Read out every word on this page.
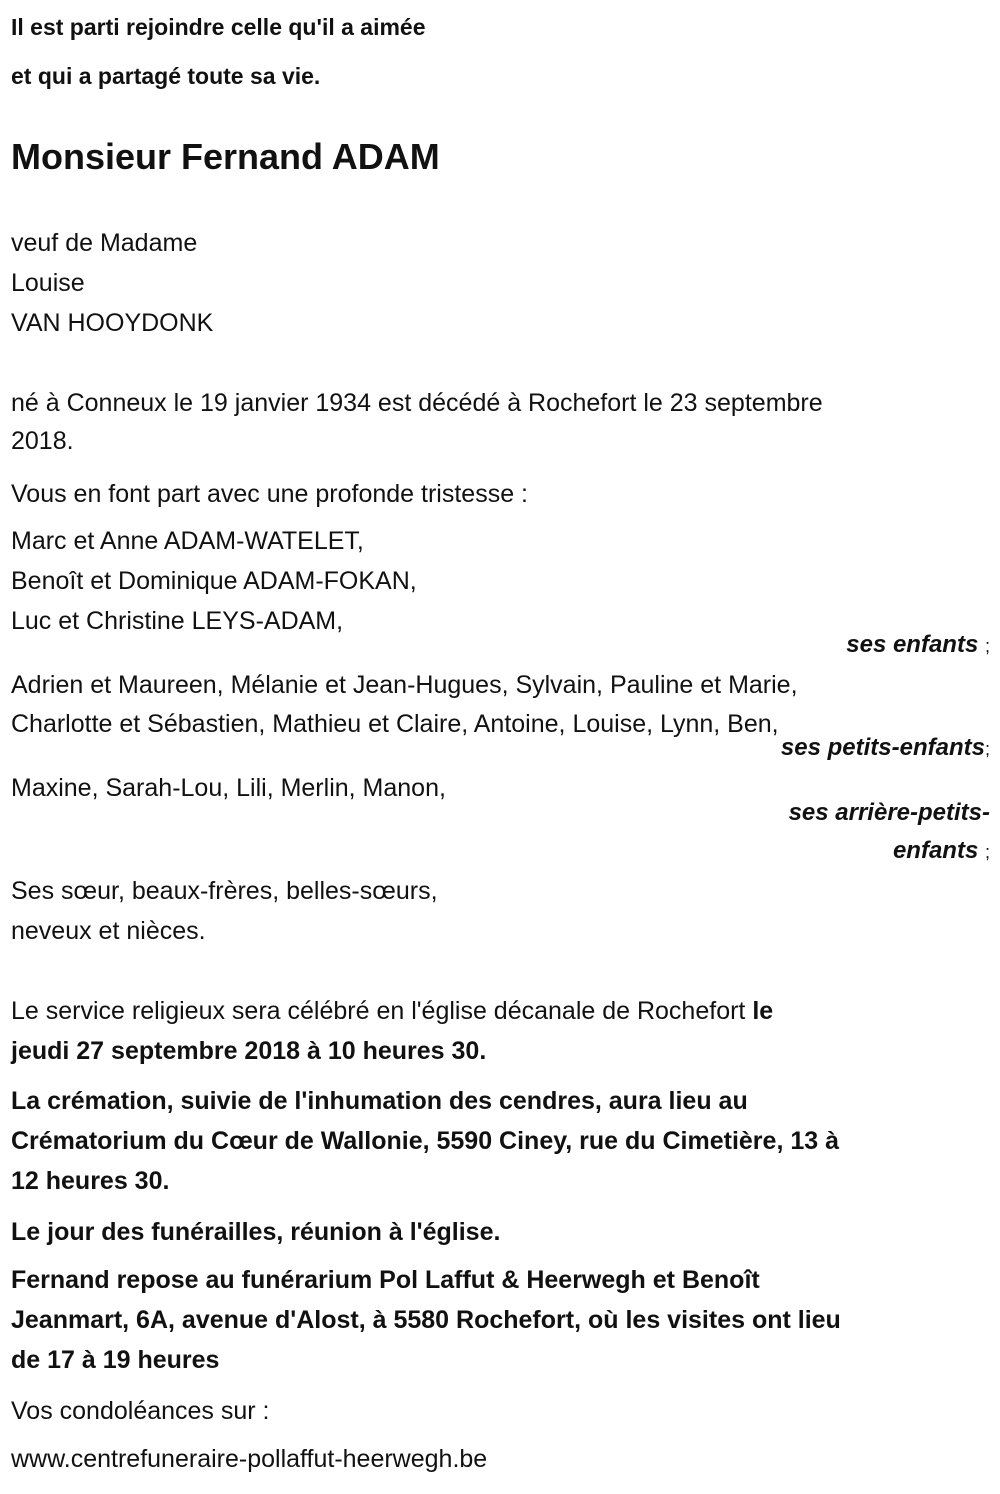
Il est parti rejoindre celle qu'il a aimée
et qui a partagé toute sa vie.
Monsieur Fernand ADAM
veuf de Madame
Louise
VAN HOOYDONK
né à Conneux le 19 janvier 1934 est décédé à Rochefort le 23 septembre
2018.
Vous en font part avec une profonde tristesse :
Marc et Anne ADAM-WATELET,
Benoît et Dominique ADAM-FOKAN,
Luc et Christine LEYS-ADAM,
ses enfants ;
Adrien et Maureen, Mélanie et Jean-Hugues, Sylvain, Pauline et Marie,
Charlotte et Sébastien, Mathieu et Claire, Antoine, Louise, Lynn, Ben,
ses petits-enfants;
Maxine, Sarah-Lou, Lili, Merlin, Manon,
ses arrière-petits-
enfants ;
Ses sœur, beaux-frères, belles-sœurs,
neveux et nièces.
Le service religieux sera célébré en l'église décanale de Rochefort le
jeudi 27 septembre 2018 à 10 heures 30.
La crémation, suivie de l'inhumation des cendres, aura lieu au
Crématorium du Cœur de Wallonie, 5590 Ciney, rue du Cimetière, 13 à
12 heures 30.
Le jour des funérailles, réunion à l'église.
Fernand repose au funérarium Pol Laffut & Heerwegh et Benoît
Jeanmart, 6A, avenue d'Alost, à 5580 Rochefort, où les visites ont lieu
de 17 à 19 heures
Vos condoléances sur :
www.centrefuneraire-pollaffut-heerwegh.be
